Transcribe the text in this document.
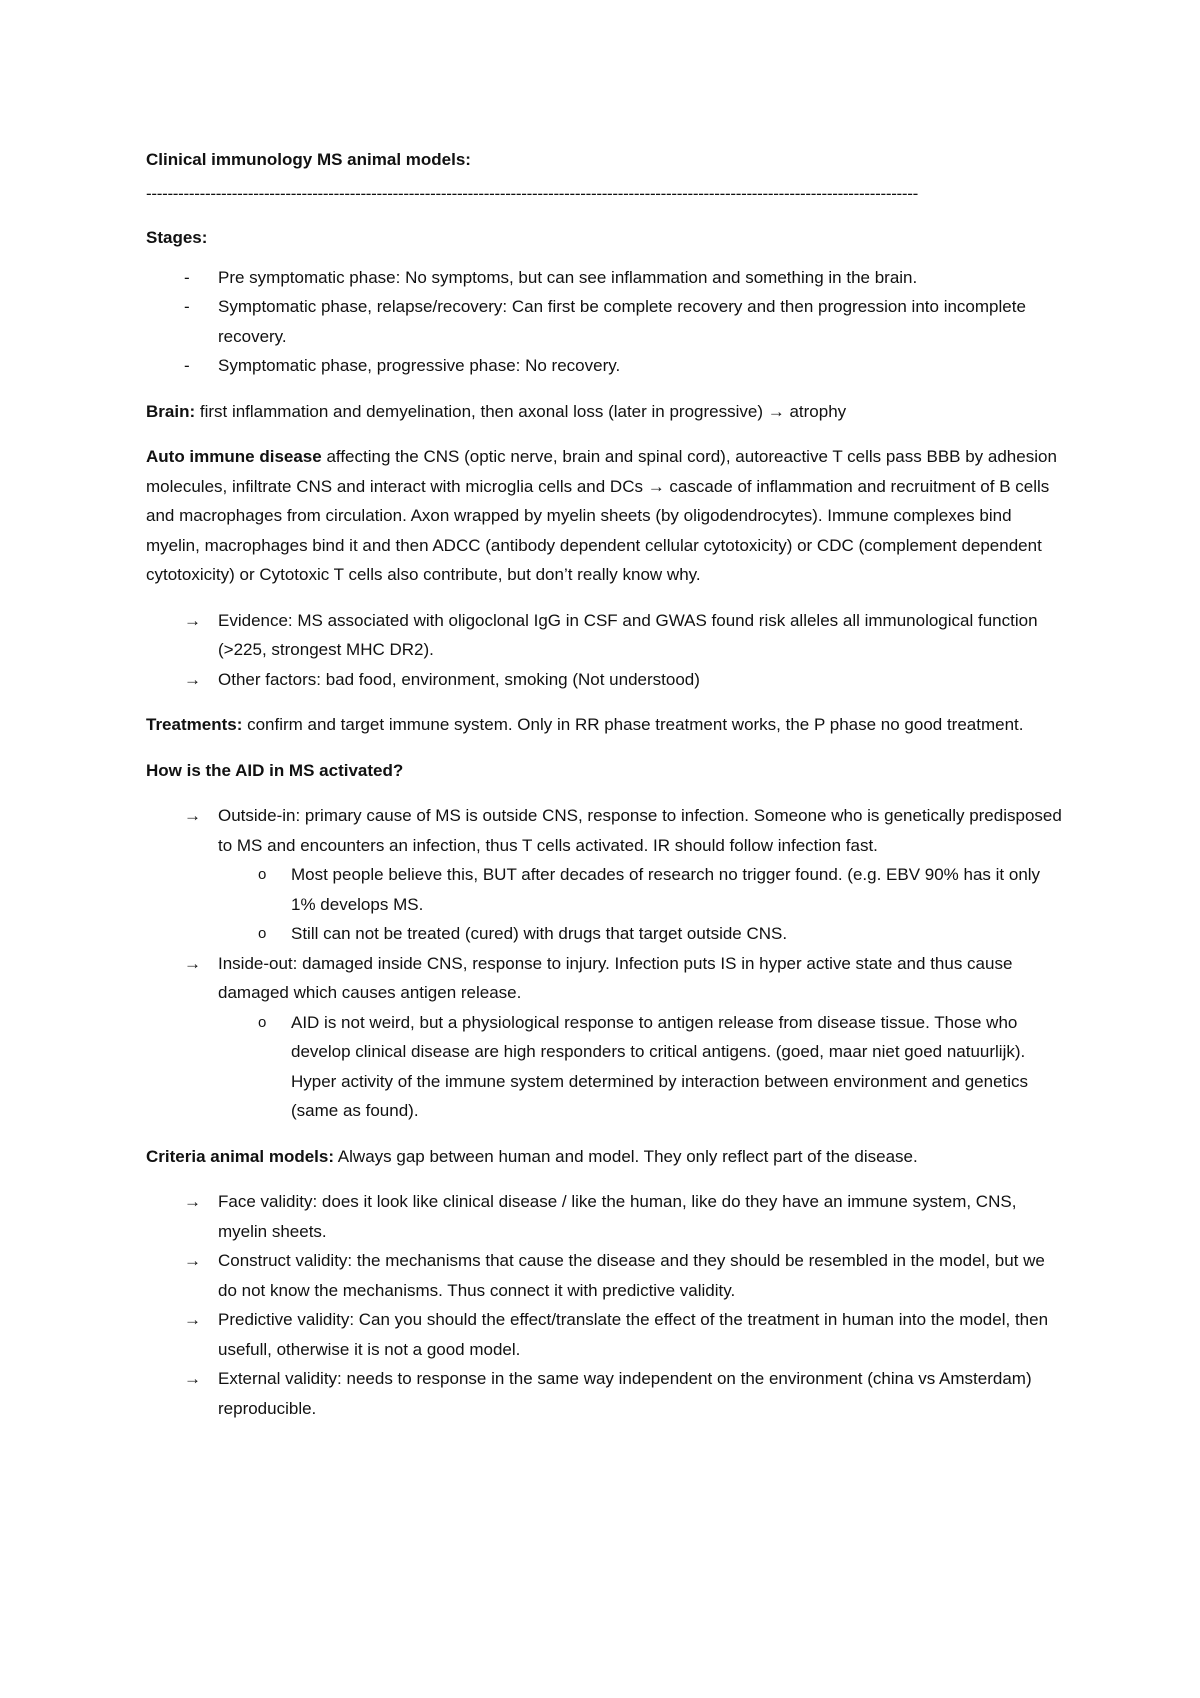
Clinical immunology MS animal models:
------------------------------------------------------------------------------------------------------------------------------------------------
Stages:
-	Pre symptomatic phase: No symptoms, but can see inflammation and something in the brain.
-	Symptomatic phase, relapse/recovery: Can first be complete recovery and then progression into incomplete recovery.
-	Symptomatic phase, progressive phase: No recovery.

Brain: first inflammation and demyelination, then axonal loss (later in progressive) → atrophy

Auto immune disease affecting the CNS (optic nerve, brain and spinal cord), autoreactive T cells pass BBB by adhesion molecules, infiltrate CNS and interact with microglia cells and DCs → cascade of inflammation and recruitment of B cells and macrophages from circulation. Axon wrapped by myelin sheets (by oligodendrocytes). Immune complexes bind myelin, macrophages bind it and then ADCC (antibody dependent cellular cytotoxicity) or CDC (complement dependent cytotoxicity) or Cytotoxic T cells also contribute, but don’t really know why.

→	Evidence: MS associated with oligoclonal IgG in CSF and GWAS found risk alleles all immunological function (>225, strongest MHC DR2).
→	Other factors: bad food, environment, smoking (Not understood)

Treatments: confirm and target immune system. Only in RR phase treatment works, the P phase no good treatment.

How is the AID in MS activated?

→	Outside-in: primary cause of MS is outside CNS, response to infection. Someone who is genetically predisposed to MS and encounters an infection, thus T cells activated. IR should follow infection fast.
o	Most people believe this, BUT after decades of research no trigger found. (e.g. EBV 90% has it only 1% develops MS.
o	Still can not be treated (cured) with drugs that target outside CNS.
→	Inside-out: damaged inside CNS, response to injury. Infection puts IS in hyper active state and thus cause damaged which causes antigen release.
o	AID is not weird, but a physiological response to antigen release from disease tissue. Those who develop clinical disease are high responders to critical antigens. (goed, maar niet goed natuurlijk). Hyper activity of the immune system determined by interaction between environment and genetics (same as found).

Criteria animal models: Always gap between human and model. They only reflect part of the disease.

→	Face validity: does it look like clinical disease / like the human, like do they have an immune system, CNS, myelin sheets.
→	Construct validity: the mechanisms that cause the disease and they should be resembled in the model, but we do not know the mechanisms. Thus connect it with predictive validity.
→	Predictive validity: Can you should the effect/translate the effect of the treatment in human into the model, then usefull, otherwise it is not a good model.
→	External validity: needs to response in the same way independent on the environment (china vs Amsterdam) reproducible.
